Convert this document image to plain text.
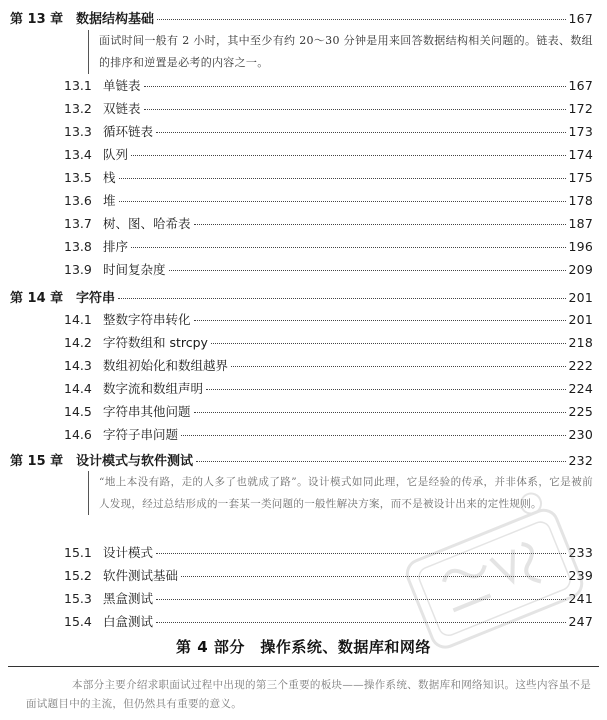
第 13 章 数据结构基础	167

面试时间一般有 2 小时，其中至少有约 20～30 分钟是用来回答数据结构相关问题的。链表、数组的排序和逆置是必考的内容之一。

13.1 单链表	167
13.2 双链表	172
13.3 循环链表	173
13.4 队列	174
13.5 栈	175
13.6 堆	178
13.7 树、图、哈希表	187
13.8 排序	196
13.9 时间复杂度	209
第 14 章 字符串	201
14.1 整数字符串转化	201
14.2 字符数组和 strcpy	218
14.3 数组初始化和数组越界	222
14.4 数字流和数组声明	224
14.5 字符串其他问题	225
14.6 字符子串问题	230
第 15 章 设计模式与软件测试	232

“地上本没有路，走的人多了也就成了路”。设计模式如同此理，它是经验的传承，并非体系，它是被前人发现，经过总结形成的一套某一类问题的一般性解决方案，而不是被设计出来的定性规则。

15.1 设计模式	233
15.2 软件测试基础	239
15.3 黑盒测试	241
15.4 白盒测试	247
第 4 部分　操作系统、数据库和网络
本部分主要介绍求职面试过程中出现的第三个重要的板块——操作系统、数据库和网络知识。这些内容虽不是面试题目中的主流，但仍然具有重要的意义。
